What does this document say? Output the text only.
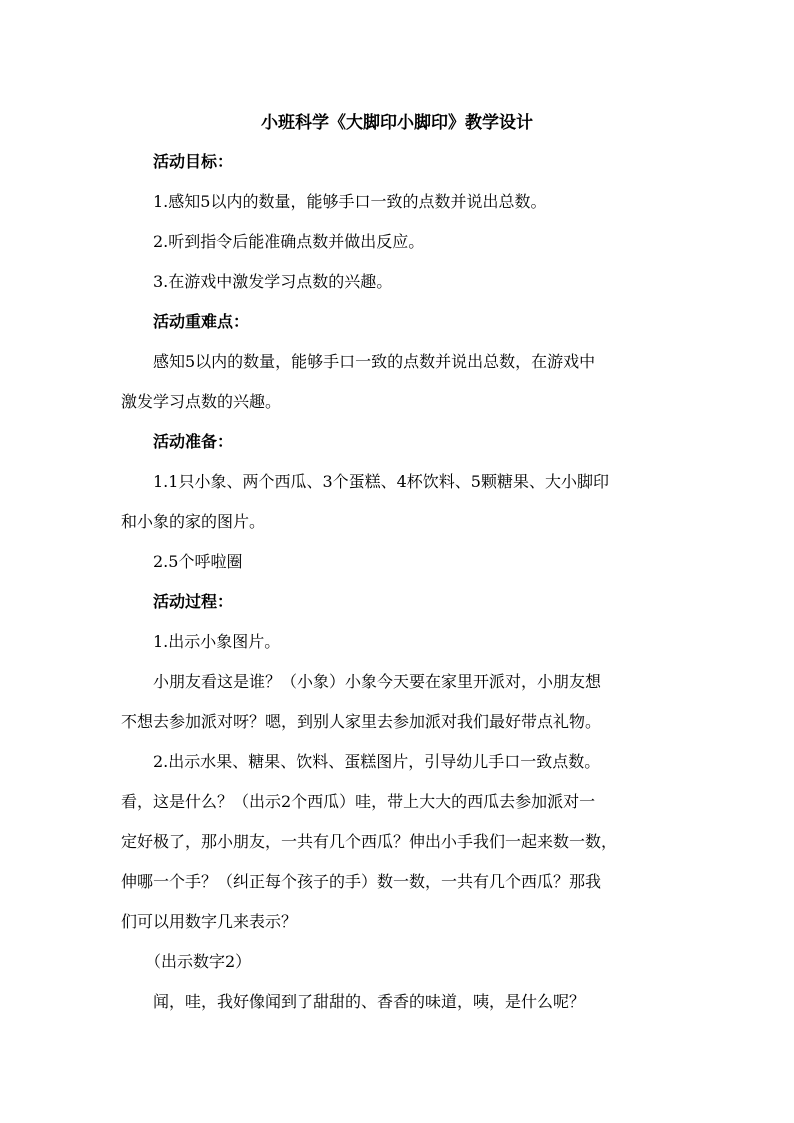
小班科学《大脚印小脚印》教学设计
活动目标：
1.感知5以内的数量，能够手口一致的点数并说出总数。
2.听到指令后能准确点数并做出反应。
3.在游戏中激发学习点数的兴趣。
活动重难点：
感知5以内的数量，能够手口一致的点数并说出总数，在游戏中
激发学习点数的兴趣。
活动准备：
1.1只小象、两个西瓜、3个蛋糕、4杯饮料、5颗糖果、大小脚印
和小象的家的图片。
2.5个呼啦圈
活动过程：
1.出示小象图片。
小朋友看这是谁？（小象）小象今天要在家里开派对，小朋友想
不想去参加派对呀？嗯，到别人家里去参加派对我们最好带点礼物。
2.出示水果、糖果、饮料、蛋糕图片，引导幼儿手口一致点数。
看，这是什么？（出示2个西瓜）哇，带上大大的西瓜去参加派对一
定好极了，那小朋友，一共有几个西瓜？伸出小手我们一起来数一数，
伸哪一个手？（纠正每个孩子的手）数一数，一共有几个西瓜？那我
们可以用数字几来表示？
（出示数字2）
闻，哇，我好像闻到了甜甜的、香香的味道，咦，是什么呢？
